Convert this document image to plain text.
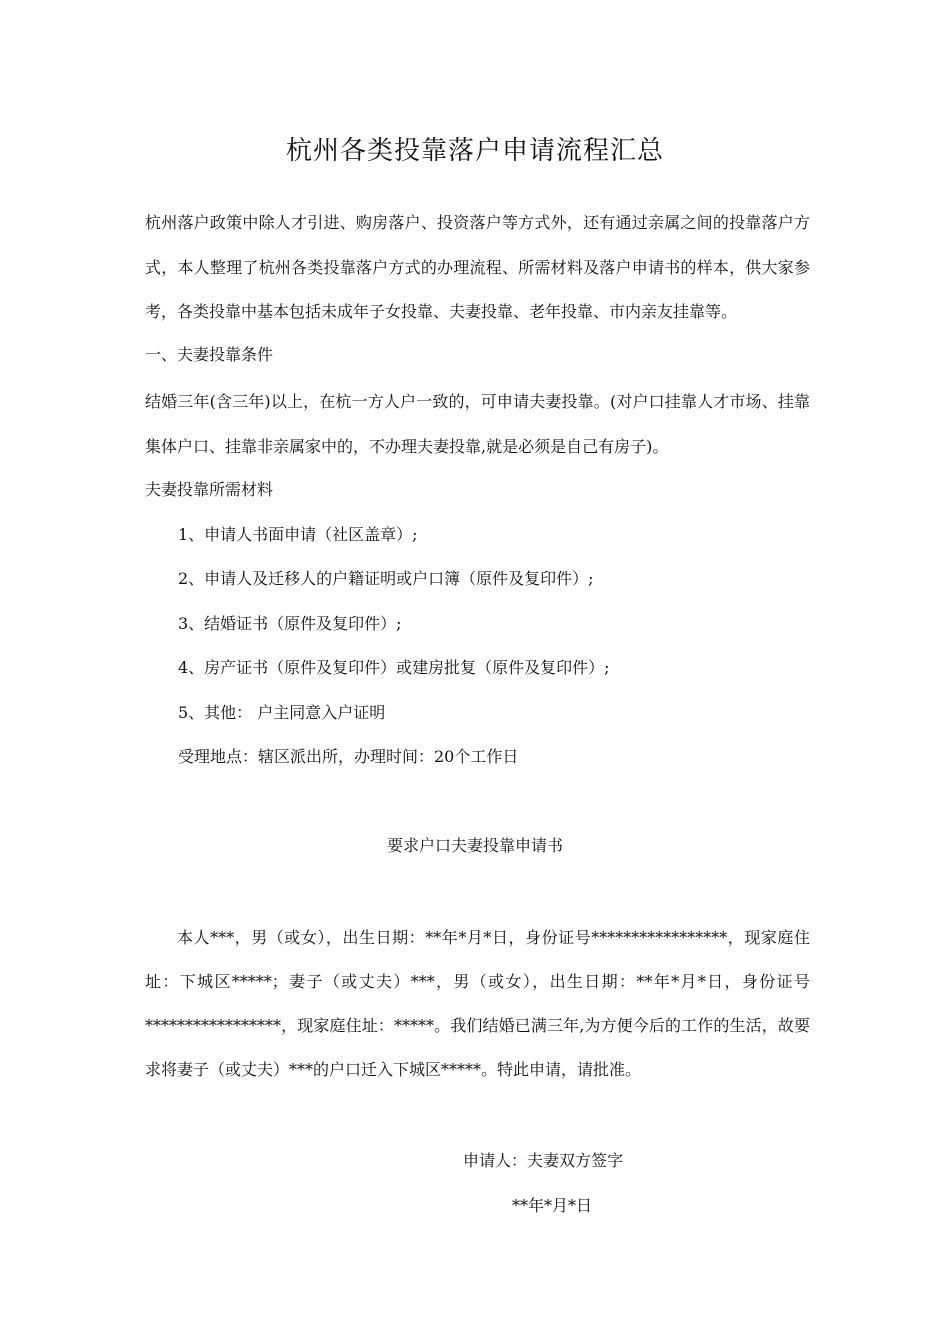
杭州各类投靠落户申请流程汇总

杭州落户政策中除人才引进、购房落户、投资落户等方式外，还有通过亲属之间的投靠落户方式，本人整理了杭州各类投靠落户方式的办理流程、所需材料及落户申请书的样本，供大家参考，各类投靠中基本包括未成年子女投靠、夫妻投靠、老年投靠、市内亲友挂靠等。

一、夫妻投靠条件

结婚三年(含三年)以上，在杭一方人户一致的，可申请夫妻投靠。(对户口挂靠人才市场、挂靠集体户口、挂靠非亲属家中的，不办理夫妻投靠,就是必须是自己有房子)。

夫妻投靠所需材料

1、申请人书面申请（社区盖章）;

2、申请人及迁移人的户籍证明或户口簿（原件及复印件）;

3、结婚证书（原件及复印件）;

4、房产证书（原件及复印件）或建房批复（原件及复印件）;

5、其他： 户主同意入户证明

受理地点：辖区派出所，办理时间：20个工作日

要求户口夫妻投靠申请书

本人***，男（或女），出生日期：**年*月*日，身份证号*****************，现家庭住址：下城区*****；妻子（或丈夫）***，男（或女），出生日期：**年*月*日，身份证号*****************，现家庭住址：*****。我们结婚已满三年,为方便今后的工作的生活，故要求将妻子（或丈夫）***的户口迁入下城区*****。特此申请，请批准。

申请人：夫妻双方签字

**年*月*日
